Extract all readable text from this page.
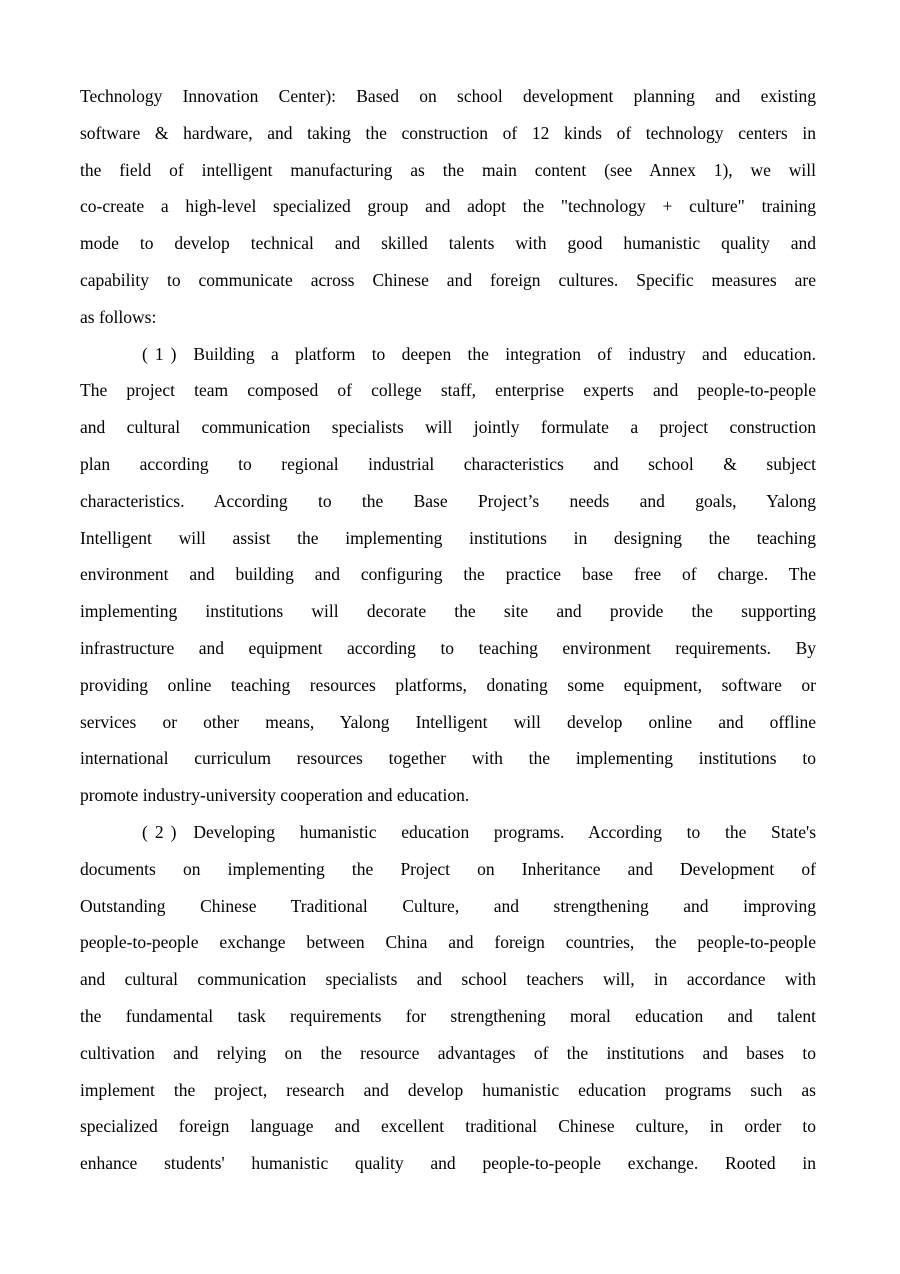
Technology Innovation Center): Based on school development planning and existing
software & hardware, and taking the construction of 12 kinds of technology centers in
the field of intelligent manufacturing as the main content (see Annex 1), we will
co-create a high-level specialized group and adopt the "technology + culture" training
mode to develop technical and skilled talents with good humanistic quality and
capability to communicate across Chinese and foreign cultures. Specific measures are
as follows:
(1) Building a platform to deepen the integration of industry and education.
The project team composed of college staff, enterprise experts and people-to-people
and cultural communication specialists will jointly formulate a project construction
plan according to regional industrial characteristics and school & subject
characteristics. According to the Base Project’s needs and goals, Yalong
Intelligent will assist the implementing institutions in designing the teaching
environment and building and configuring the practice base free of charge. The
implementing institutions will decorate the site and provide the supporting
infrastructure and equipment according to teaching environment requirements. By
providing online teaching resources platforms, donating some equipment, software or
services or other means, Yalong Intelligent will develop online and offline
international curriculum resources together with the implementing institutions to
promote industry-university cooperation and education.
(2) Developing humanistic education programs. According to the State's
documents on implementing the Project on Inheritance and Development of
Outstanding Chinese Traditional Culture, and strengthening and improving
people-to-people exchange between China and foreign countries, the people-to-people
and cultural communication specialists and school teachers will, in accordance with
the fundamental task requirements for strengthening moral education and talent
cultivation and relying on the resource advantages of the institutions and bases to
implement the project, research and develop humanistic education programs such as
specialized foreign language and excellent traditional Chinese culture, in order to
enhance students' humanistic quality and people-to-people exchange. Rooted in
